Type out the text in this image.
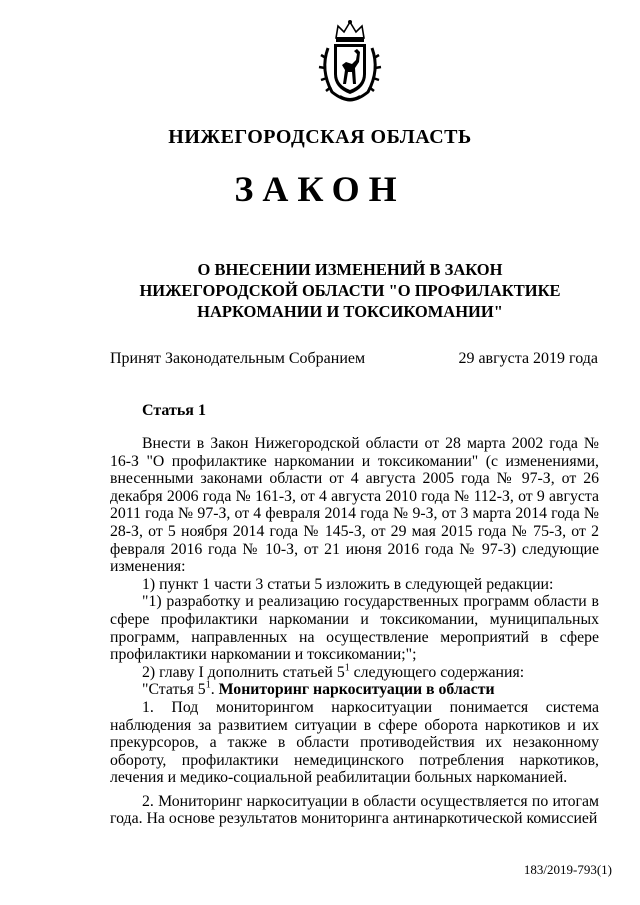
НИЖЕГОРОДСКАЯ ОБЛАСТЬ
ЗАКОН
О ВНЕСЕНИИ ИЗМЕНЕНИЙ В ЗАКОН НИЖЕГОРОДСКОЙ ОБЛАСТИ "О ПРОФИЛАКТИКЕ НАРКОМАНИИ И ТОКСИКОМАНИИ"
Принят Законодательным Собранием	29 августа 2019 года
Статья 1

Внести в Закон Нижегородской области от 28 марта 2002 года № 16-З "О профилактике наркомании и токсикомании" (с изменениями, внесенными законами области от 4 августа 2005 года № 97-З, от 26 декабря 2006 года № 161-З, от 4 августа 2010 года № 112-З, от 9 августа 2011 года № 97-З, от 4 февраля 2014 года № 9-З, от 3 марта 2014 года № 28-З, от 5 ноября 2014 года № 145-З, от 29 мая 2015 года № 75-З, от 2 февраля 2016 года № 10-З, от 21 июня 2016 года № 97-З) следующие изменения:

1) пункт 1 части 3 статьи 5 изложить в следующей редакции:

"1) разработку и реализацию государственных программ области в сфере профилактики наркомании и токсикомании, муниципальных программ, направленных на осуществление мероприятий в сфере профилактики наркомании и токсикомании;";

2) главу I дополнить статьей $5^1$ следующего содержания:

"Статья $5^1$. Мониторинг наркоситуации в области

1. Под мониторингом наркоситуации понимается система наблюдения за развитием ситуации в сфере оборота наркотиков и их прекурсоров, а также в области противодействия их незаконному обороту, профилактики немедицинского потребления наркотиков, лечения и медико-социальной реабилитации больных наркоманией.

2. Мониторинг наркоситуации в области осуществляется по итогам года. На основе результатов мониторинга антинаркотической комиссией

183/2019-793(1)
